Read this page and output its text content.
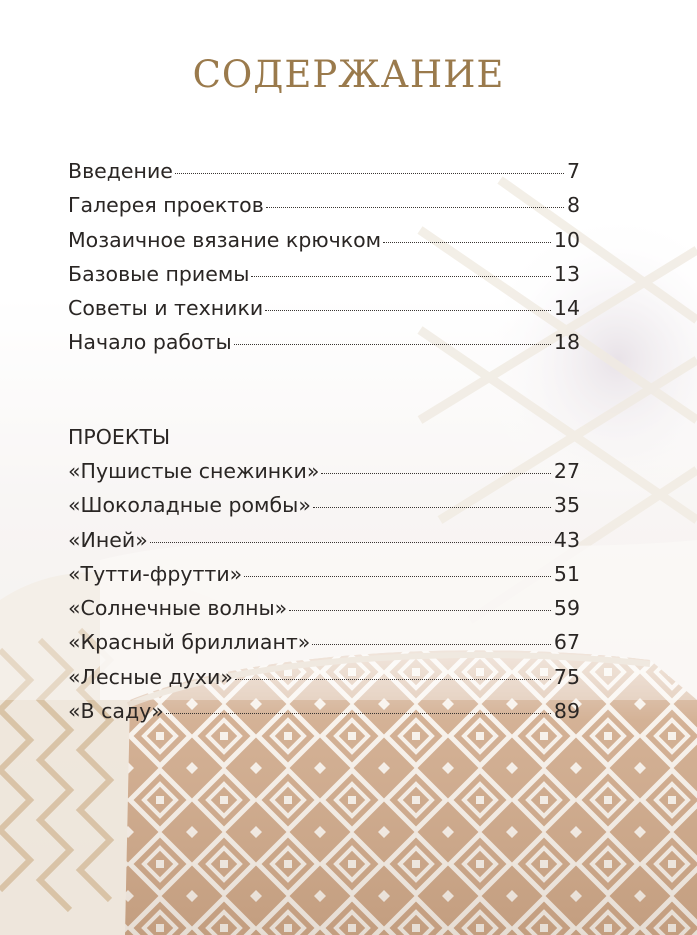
СОДЕРЖАНИЕ
Введение	7
Галерея проектов	8
Мозаичное вязание крючком	10
Базовые приемы	13
Советы и техники	14
Начало работы	18
ПРОЕКТЫ
«Пушистые снежинки»	27
«Шоколадные ромбы»	35
«Иней»	43
«Тутти-фрутти»	51
«Солнечные волны»	59
«Красный бриллиант»	67
«Лесные духи»	75
«В саду»	89
